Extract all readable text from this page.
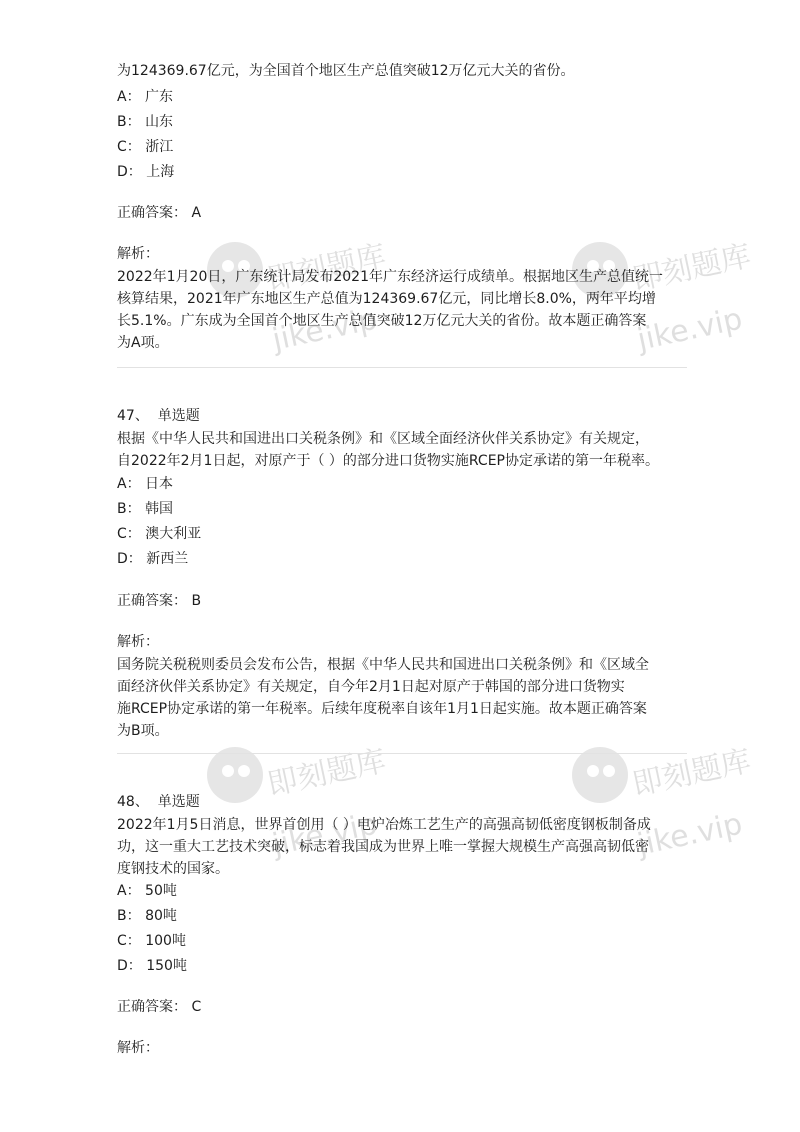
即刻题库
jike.vip
即刻题库
jike.vip
即刻题库
jike.vip
即刻题库
jike.vip
为124369.67亿元，为全国首个地区生产总值突破12万亿元大关的省份。
A： 广东
B： 山东
C： 浙江
D： 上海
正确答案： A
解析：
2022年1月20日，广东统计局发布2021年广东经济运行成绩单。根据地区生产总值统一
核算结果，2021年广东地区生产总值为124369.67亿元，同比增长8.0%，两年平均增
长5.1%。广东成为全国首个地区生产总值突破12万亿元大关的省份。故本题正确答案
为A项。
47、 单选题
根据《中华人民共和国进出口关税条例》和《区域全面经济伙伴关系协定》有关规定，
自2022年2月1日起，对原产于（ ）的部分进口货物实施RCEP协定承诺的第一年税率。
A： 日本
B： 韩国
C： 澳大利亚
D： 新西兰
正确答案： B
解析：
国务院关税税则委员会发布公告，根据《中华人民共和国进出口关税条例》和《区域全
面经济伙伴关系协定》有关规定，自今年2月1日起对原产于韩国的部分进口货物实
施RCEP协定承诺的第一年税率。后续年度税率自该年1月1日起实施。故本题正确答案
为B项。
48、 单选题
2022年1月5日消息，世界首创用（ ）电炉冶炼工艺生产的高强高韧低密度钢板制备成
功，这一重大工艺技术突破，标志着我国成为世界上唯一掌握大规模生产高强高韧低密
度钢技术的国家。
A： 50吨
B： 80吨
C： 100吨
D： 150吨
正确答案： C
解析：
